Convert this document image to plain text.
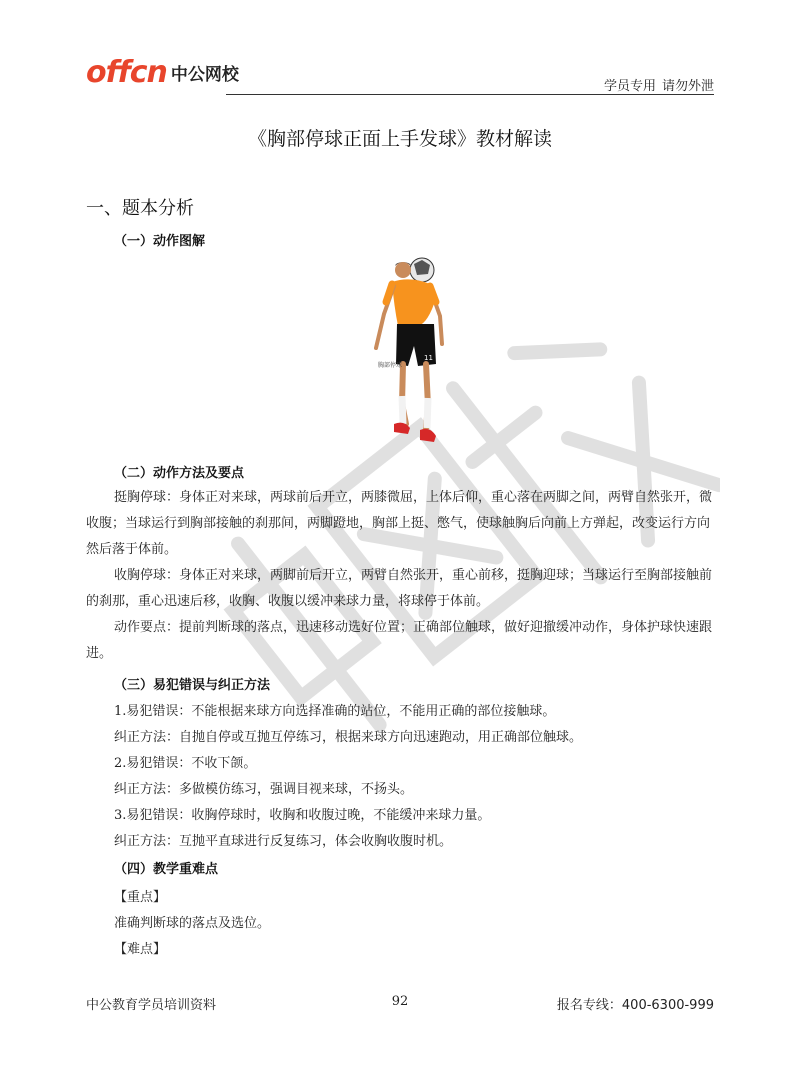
offcn 中公网校
学员专用 请勿外泄
《胸部停球正面上手发球》教材解读
一、题本分析
（一）动作图解
11
胸部停球
（二）动作方法及要点

挺胸停球：身体正对来球，两球前后开立，两膝微屈，上体后仰，重心落在两脚之间，两臂自然张开，微收腹；当球运行到胸部接触的刹那间，两脚蹬地，胸部上挺、憋气，使球触胸后向前上方弹起，改变运行方向然后落于体前。

收胸停球：身体正对来球，两脚前后开立，两臂自然张开，重心前移，挺胸迎球；当球运行至胸部接触前的刹那，重心迅速后移，收胸、收腹以缓冲来球力量，将球停于体前。

动作要点：提前判断球的落点，迅速移动选好位置；正确部位触球，做好迎撤缓冲动作，身体护球快速跟进。

（三）易犯错误与纠正方法
1.易犯错误：不能根据来球方向选择准确的站位，不能用正确的部位接触球。
纠正方法：自抛自停或互抛互停练习，根据来球方向迅速跑动，用正确部位触球。
2.易犯错误：不收下颌。
纠正方法：多做模仿练习，强调目视来球，不扬头。
3.易犯错误：收胸停球时，收胸和收腹过晚，不能缓冲来球力量。
纠正方法：互抛平直球进行反复练习，体会收胸收腹时机。
（四）教学重难点
【重点】
准确判断球的落点及选位。
【难点】
中公教育学员培训资料	92	报名专线：400-6300-999
